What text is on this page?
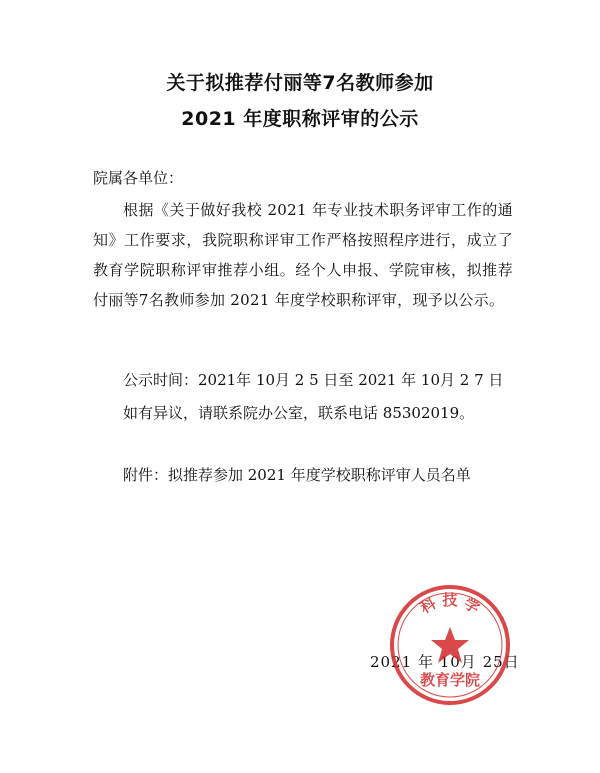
关于拟推荐付丽等7名教师参加
2021 年度职称评审的公示
院属各单位：
根据《关于做好我校 2021 年专业技术职务评审工作的通知》工作要求，我院职称评审工作严格按照程序进行，成立了教育学院职称评审推荐小组。经个人申报、学院审核，拟推荐付丽等7名教师参加 2021 年度学校职称评审，现予以公示。
公示时间：2021年 10月 2 5 日至 2021 年 10月 2 7 日
如有异议，请联系院办公室，联系电话 85302019。
附件：拟推荐参加 2021 年度学校职称评审人员名单
2021 年 10月 25日
科 技 学
教育学院
